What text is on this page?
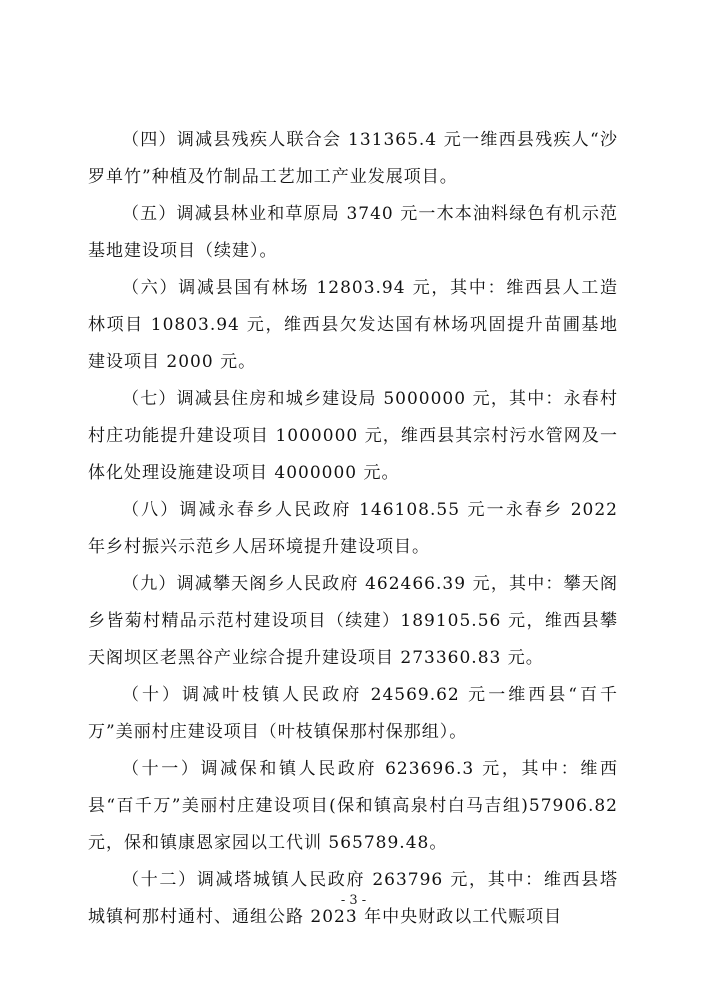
（四）调减县残疾人联合会 131365.4 元一维西县残疾人“沙罗单竹”种植及竹制品工艺加工产业发展项目。

（五）调减县林业和草原局 3740 元一木本油料绿色有机示范基地建设项目（续建）。

（六）调减县国有林场 12803.94 元，其中：维西县人工造林项目 10803.94 元，维西县欠发达国有林场巩固提升苗圃基地建设项目 2000 元。

（七）调减县住房和城乡建设局 5000000 元，其中：永春村村庄功能提升建设项目 1000000 元，维西县其宗村污水管网及一体化处理设施建设项目 4000000 元。

（八）调减永春乡人民政府 146108.55 元一永春乡 2022 年乡村振兴示范乡人居环境提升建设项目。

（九）调减攀天阁乡人民政府 462466.39 元，其中：攀天阁乡皆菊村精品示范村建设项目（续建）189105.56 元，维西县攀天阁坝区老黑谷产业综合提升建设项目 273360.83 元。

（十）调减叶枝镇人民政府 24569.62 元一维西县“百千万”美丽村庄建设项目（叶枝镇保那村保那组）。

（十一）调减保和镇人民政府 623696.3 元，其中：维西县“百千万”美丽村庄建设项目(保和镇高泉村白马吉组)57906.82 元，保和镇康恩家园以工代训 565789.48。

（十二）调减塔城镇人民政府 263796 元，其中：维西县塔城镇柯那村通村、通组公路 2023 年中央财政以工代赈项目

- 3 -
